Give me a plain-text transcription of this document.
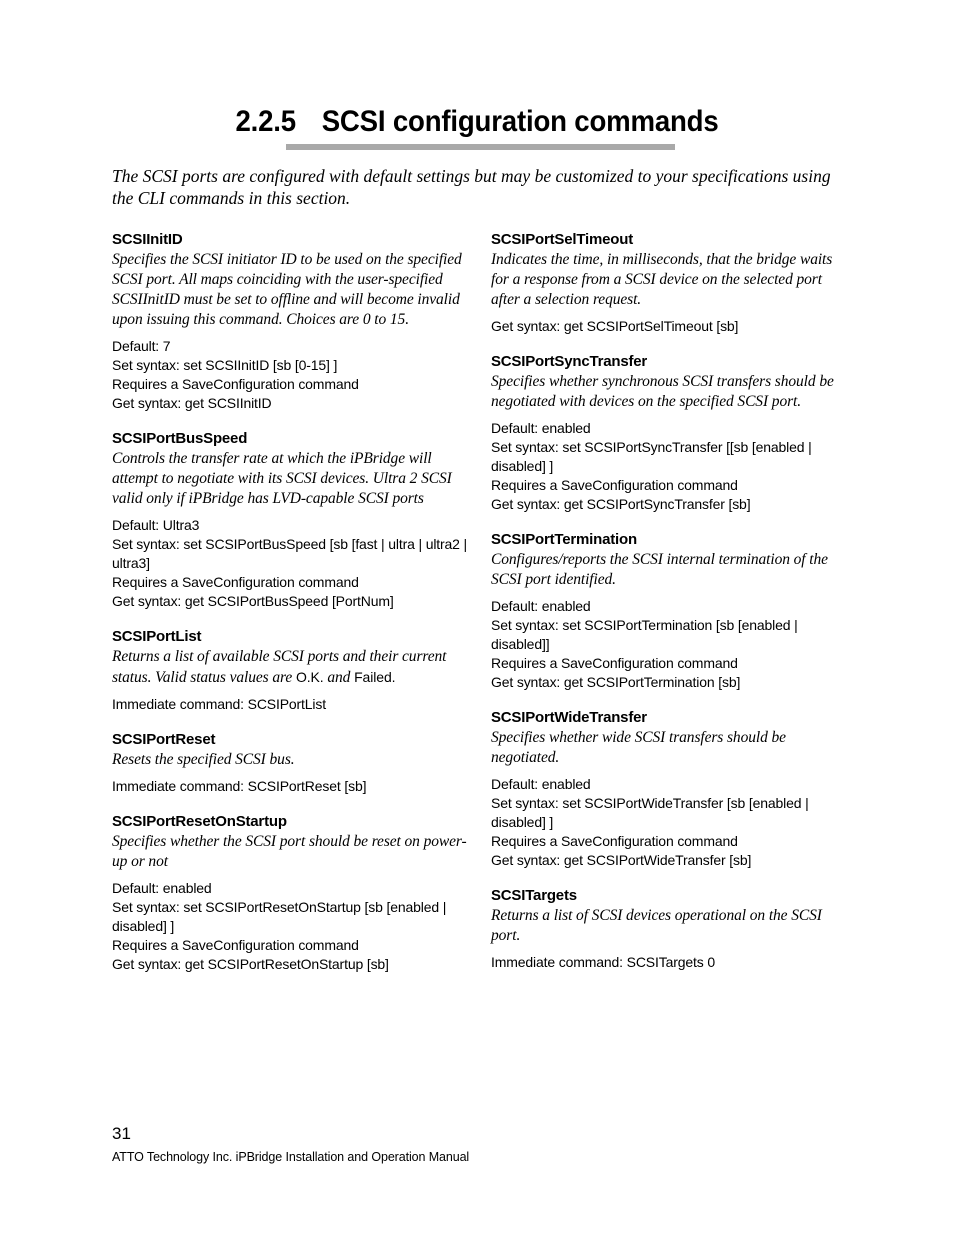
2.2.5 SCSI configuration commands

The SCSI ports are configured with default settings but may be customized to your specifications using the CLI commands in this section.

SCSIInitID

Specifies the SCSI initiator ID to be used on the specified SCSI port. All maps coinciding with the user-specified SCSIInitID must be set to offline and will become invalid upon issuing this command. Choices are 0 to 15.

Default: 7
Set syntax: set SCSIInitID [sb [0-15] ]
Requires a SaveConfiguration command
Get syntax: get SCSIInitID
SCSIPortBusSpeed

Controls the transfer rate at which the iPBridge will attempt to negotiate with its SCSI devices. Ultra 2 SCSI valid only if iPBridge has LVD-capable SCSI ports

Default: Ultra3
Set syntax: set SCSIPortBusSpeed [sb [fast | ultra | ultra2 | ultra3]
Requires a SaveConfiguration command
Get syntax: get SCSIPortBusSpeed [PortNum]
SCSIPortList

Returns a list of available SCSI ports and their current status. Valid status values are O.K. and Failed.

Immediate command: SCSIPortList
SCSIPortReset

Resets the specified SCSI bus.

Immediate command: SCSIPortReset [sb]
SCSIPortResetOnStartup

Specifies whether the SCSI port should be reset on power-up or not

Default: enabled
Set syntax: set SCSIPortResetOnStartup [sb [enabled | disabled] ]
Requires a SaveConfiguration command
Get syntax: get SCSIPortResetOnStartup [sb]
SCSIPortSelTimeout

Indicates the time, in milliseconds, that the bridge waits for a response from a SCSI device on the selected port after a selection request.

Get syntax: get SCSIPortSelTimeout [sb]
SCSIPortSyncTransfer

Specifies whether synchronous SCSI transfers should be negotiated with devices on the specified SCSI port.

Default: enabled
Set syntax: set SCSIPortSyncTransfer [[sb [enabled | disabled] ]
Requires a SaveConfiguration command
Get syntax: get SCSIPortSyncTransfer [sb]
SCSIPortTermination

Configures/reports the SCSI internal termination of the SCSI port identified.

Default: enabled
Set syntax: set SCSIPortTermination [sb [enabled | disabled]]
Requires a SaveConfiguration command
Get syntax: get SCSIPortTermination [sb]
SCSIPortWideTransfer

Specifies whether wide SCSI transfers should be negotiated.

Default: enabled
Set syntax: set SCSIPortWideTransfer [sb [enabled | disabled] ]
Requires a SaveConfiguration command
Get syntax: get SCSIPortWideTransfer [sb]
SCSITargets

Returns a list of SCSI devices operational on the SCSI port.

Immediate command: SCSITargets 0

31

ATTO Technology Inc. iPBridge Installation and Operation Manual
